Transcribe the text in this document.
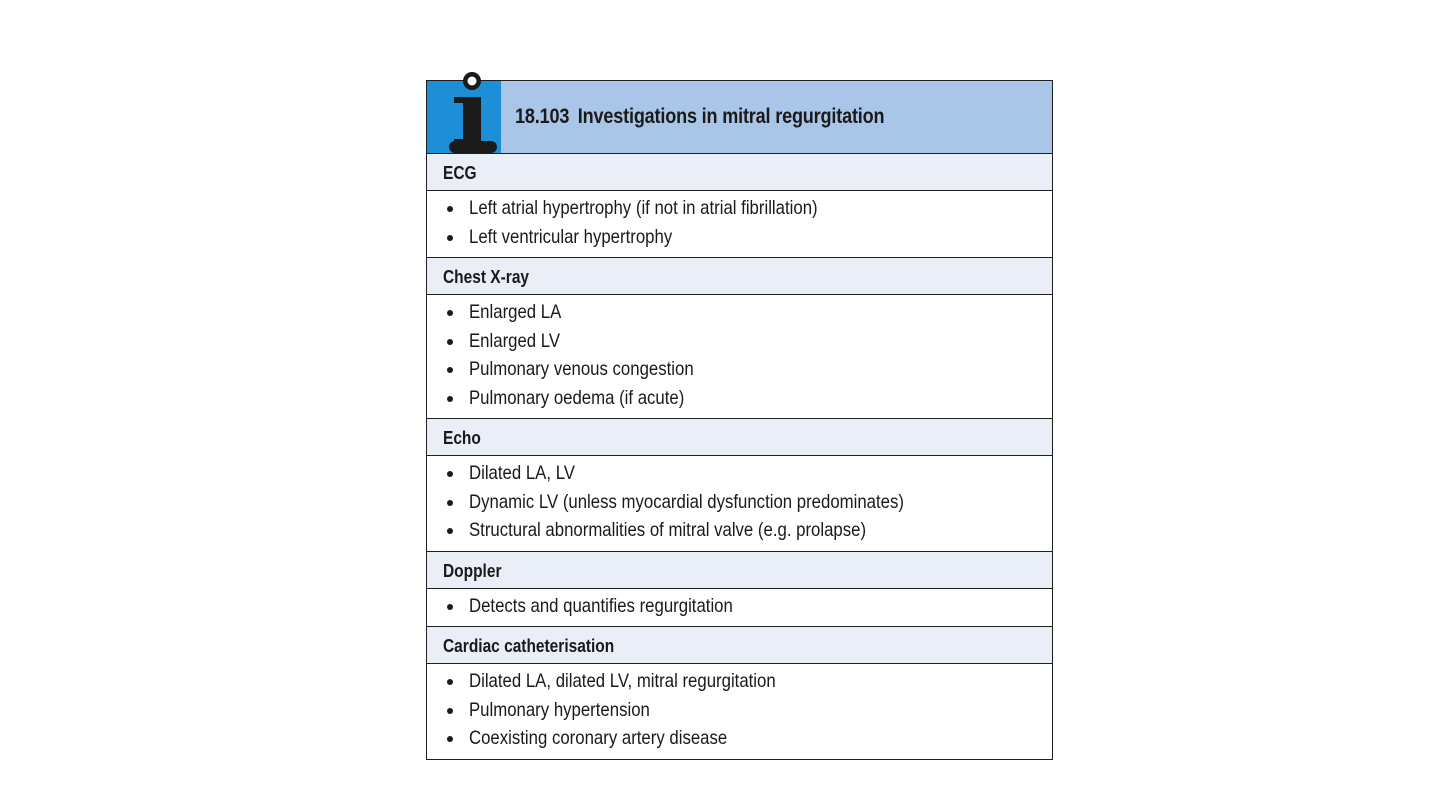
18.103 Investigations in mitral regurgitation
ECG
Left atrial hypertrophy (if not in atrial fibrillation)
Left ventricular hypertrophy
Chest X-ray
Enlarged LA
Enlarged LV
Pulmonary venous congestion
Pulmonary oedema (if acute)
Echo
Dilated LA, LV
Dynamic LV (unless myocardial dysfunction predominates)
Structural abnormalities of mitral valve (e.g. prolapse)
Doppler
Detects and quantifies regurgitation
Cardiac catheterisation
Dilated LA, dilated LV, mitral regurgitation
Pulmonary hypertension
Coexisting coronary artery disease
